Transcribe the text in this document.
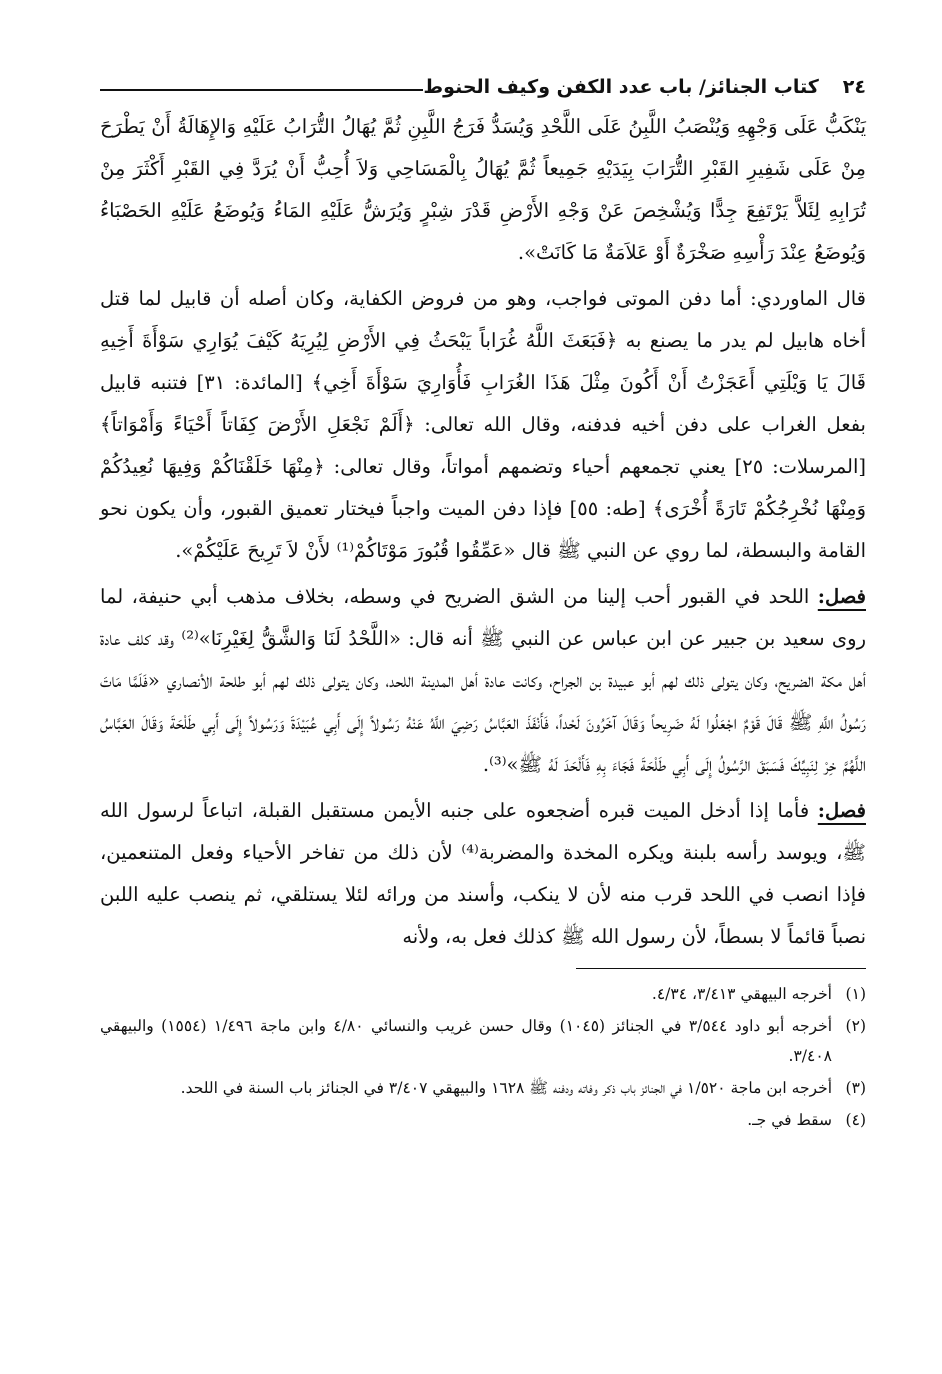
٢٤
كتاب الجنائز/ باب عدد الكفن وكيف الحنوط

يَنْكَبُّ عَلَى وَجْهِهِ وَيُنْصَبُ اللَّبِنُ عَلَى اللَّحْدِ وَيُسَدُّ فَرَجُ اللَّبِنِ ثُمَّ يُهَالُ التُّرَابُ عَلَيْهِ وَالإِهَالَةُ أَنْ يَطْرَحَ مِنْ عَلَى شَفِيرِ القَبْرِ التُّرَابَ بِيَدَيْهِ جَمِيعاً ثُمَّ يُهَالُ بِالْمَسَاحِي وَلاَ أُحِبُّ أَنْ يُرَدَّ فِي القَبْرِ أَكْثَرَ مِنْ تُرَابِهِ لِئَلاَّ يَرْتَفِعَ جِدًّا وَيُشْخِصَ عَنْ وَجْهِ الأَرْضِ قَدْرَ شِبْرٍ وَيُرَشُّ عَلَيْهِ المَاءُ وَيُوضَعُ عَلَيْهِ الحَصْبَاءُ وَيُوضَعُ عِنْدَ رَأْسِهِ صَخْرَةٌ أَوْ عَلاَمَةٌ مَا كَانَتْ».

قال الماوردي: أما دفن الموتى فواجب، وهو من فروض الكفاية، وكان أصله أن قابيل لما قتل أخاه هابيل لم يدر ما يصنع به ﴿فَبَعَثَ اللَّهُ غُرَاباً يَبْحَثُ فِي الأَرْضِ لِيُرِيَهُ كَيْفَ يُوَارِي سَوْأَةَ أَخِيهِ قَالَ يَا وَيْلَتِي أَعَجَزْتُ أَنْ أَكُونَ مِثْلَ هَذَا الغُرَابِ فَأُوَارِيَ سَوْأَةَ أَخِي﴾ [المائدة: ٣١] فتنبه قابيل بفعل الغراب على دفن أخيه فدفنه، وقال الله تعالى: ﴿أَلَمْ نَجْعَلِ الأَرْضَ كِفَاتاً أَحْيَاءً وَأَمْوَاتاً﴾ [المرسلات: ٢٥] يعني تجمعهم أحياء وتضمهم أمواتاً، وقال تعالى: ﴿مِنْهَا خَلَقْنَاكُمْ وَفِيهَا نُعِيدُكُمْ وَمِنْهَا نُخْرِجُكُمْ تَارَةً أُخْرَى﴾ [طه: ٥٥] فإذا دفن الميت واجباً فيختار تعميق القبور، وأن يكون نحو القامة والبسطة، لما روي عن النبي ﷺ قال «عَمِّقُوا قُبُورَ مَوْتَاكُمْ⁽¹⁾ لأَنْ لاَ تَرِيحَ عَلَيْكُمْ».

فصل: اللحد في القبور أحب إلينا من الشق الضريح في وسطه، بخلاف مذهب أبي حنيفة، لما روى سعيد بن جبير عن ابن عباس عن النبي ﷺ أنه قال: «اللَّحْدُ لَنَا وَالشَّقُّ لِغَيْرِنَا»⁽²⁾ وقد كلف عادة أهل مكة الضريح، وكان يتولى ذلك لهم أبو عبيدة بن الجراح، وكانت عادة أهل المدينة اللحد، وكان يتولى ذلك لهم أبو طلحة الأنصاري «فَلَمَّا مَاتَ رَسُولُ اللَّهِ ﷺ قَالَ قَوْمٌ اجْعَلُوا لَهُ ضَرِيحاً وَقَالَ آخَرُونَ لَحْداً، فَأَنْفَذَ العَبَّاسُ رَضِيَ اللَّهُ عَنْهُ رَسُولاً إِلَى أَبِي عُبَيْدَةَ وَرَسُولاً إِلَى أَبِي طَلْحَةَ وَقَالَ العَبَّاسُ اللَّهُمَّ خِرْ لِنَبِيِّكَ فَسَبَقَ الرَّسُولُ إِلَى أَبِي طَلْحَةَ فَجَاءَ بِهِ فَأَلْحَدَ لَهُ ﷺ»⁽³⁾.

فصل: فأما إذا أدخل الميت قبره أضجعوه على جنبه الأيمن مستقبل القبلة، اتباعاً لرسول الله ﷺ، ويوسد رأسه بلبنة ويكره المخدة والمضربة⁽⁴⁾ لأن ذلك من تفاخر الأحياء وفعل المتنعمين، فإذا انصب في اللحد قرب منه لأن لا ينكب، وأسند من ورائه لئلا يستلقي، ثم ينصب عليه اللبن نصباً قائماً لا بسطاً، لأن رسول الله ﷺ كذلك فعل به، ولأنه

(١)
أخرجه البيهقي ٣/٤١٣، ٤/٣٤.
(٢)
أخرجه أبو داود ٣/٥٤٤ في الجنائز (١٠٤٥) وقال حسن غريب والنسائي ٤/٨٠ وابن ماجة ١/٤٩٦ (١٥٥٤) والبيهقي ٣/٤٠٨.
(٣)
أخرجه ابن ماجة ١/٥٢٠ في الجنائز باب ذكر وفاته ودفنه ﷺ ١٦٢٨ والبيهقي ٣/٤٠٧ في الجنائز باب السنة في اللحد.
(٤)
سقط في جـ.
